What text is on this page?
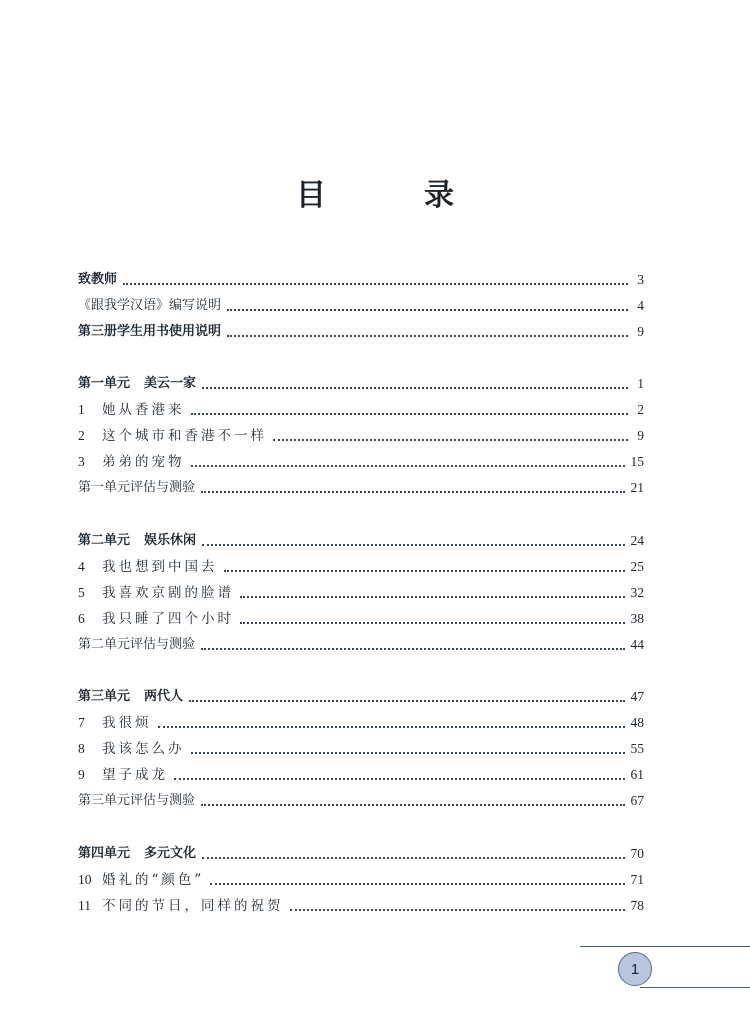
目　录
致教师	3
《跟我学汉语》编写说明	4
第三册学生用书使用说明	9
第一单元 美云一家	1
1	她从香港来	2
2	这个城市和香港不一样	9
3	弟弟的宠物	15
第一单元评估与测验	21
第二单元 娱乐休闲	24
4	我也想到中国去	25
5	我喜欢京剧的脸谱	32
6	我只睡了四个小时	38
第二单元评估与测验	44
第三单元 两代人	47
7	我很烦	48
8	我该怎么办	55
9	望子成龙	61
第三单元评估与测验	67
第四单元 多元文化	70
10 婚礼的“颜色”	71
11 不同的节日，同样的祝贺	78
1
